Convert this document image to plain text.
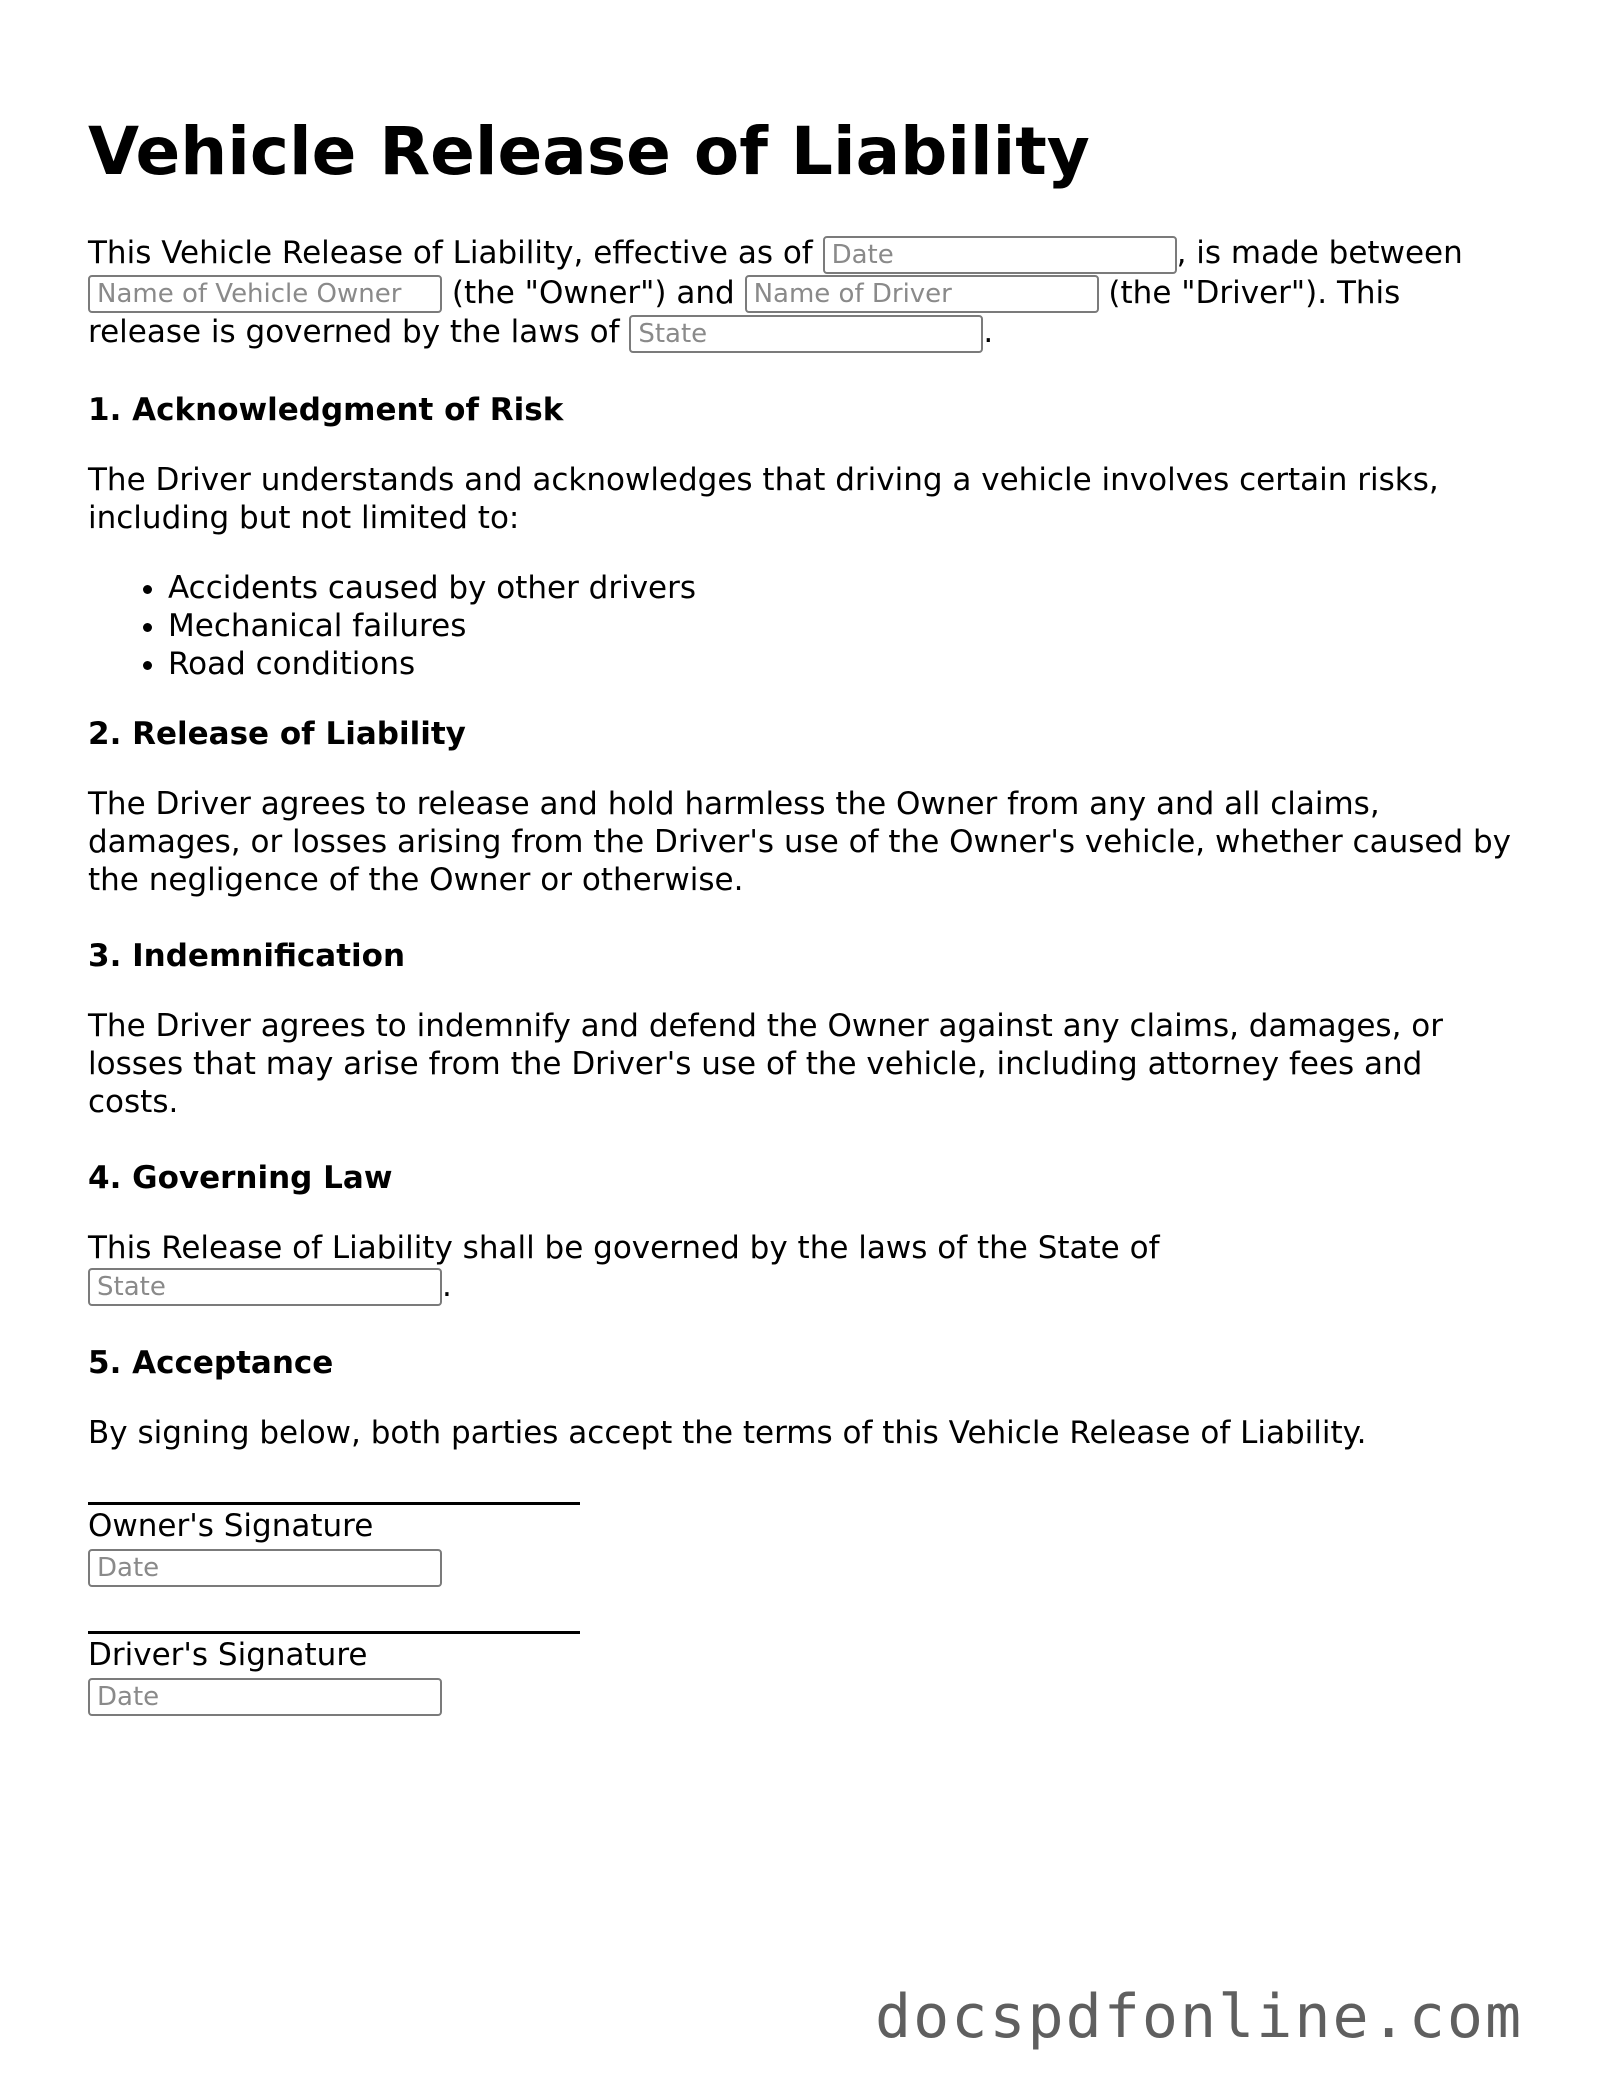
Vehicle Release of Liability

This Vehicle Release of Liability, effective as of Date	, is made between Name of Vehicle Owner (the "Owner") and Name of Driver	(the "Driver"). This release is governed by the laws of State	.

1. Acknowledgment of Risk

The Driver understands and acknowledges that driving a vehicle involves certain risks, including but not limited to:

• Accidents caused by other drivers
• Mechanical failures
• Road conditions
2. Release of Liability

The Driver agrees to release and hold harmless the Owner from any and all claims, damages, or losses arising from the Driver's use of the Owner's vehicle, whether caused by the negligence of the Owner or otherwise.

3. Indemnification

The Driver agrees to indemnify and defend the Owner against any claims, damages, or losses that may arise from the Driver's use of the vehicle, including attorney fees and costs.

4. Governing Law

This Release of Liability shall be governed by the laws of the State of State.

5. Acceptance

By signing below, both parties accept the terms of this Vehicle Release of Liability.

Owner's Signature

Date

Driver's Signature

Date
docspdfonline.com
